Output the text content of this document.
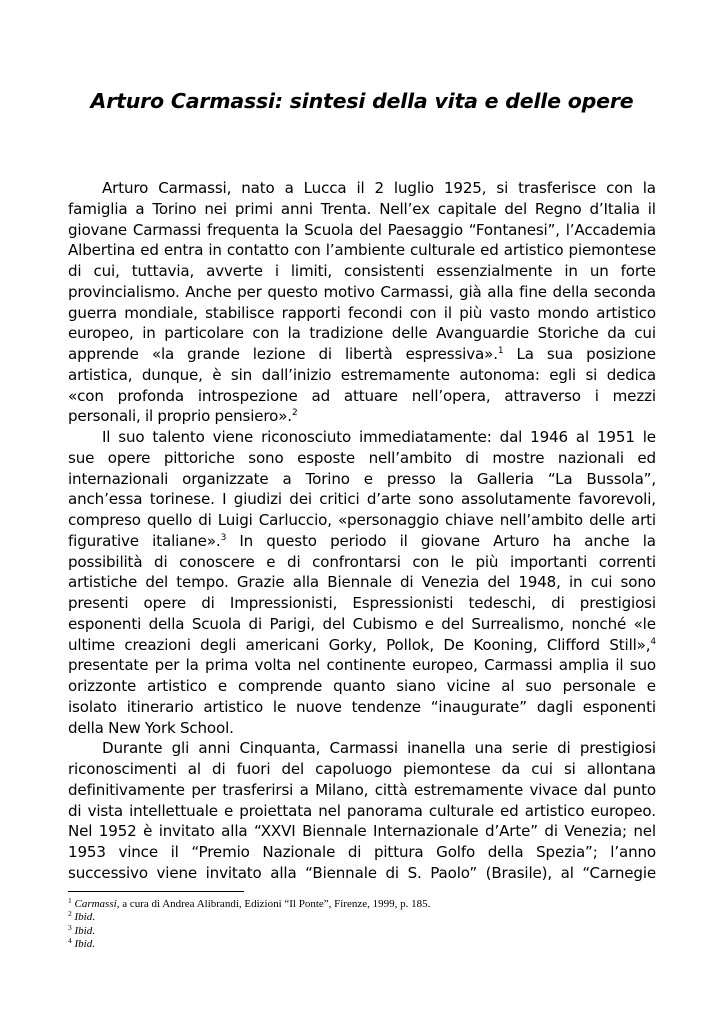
Arturo Carmassi: sintesi della vita e delle opere
Arturo Carmassi, nato a Lucca il 2 luglio 1925, si trasferisce con la
famiglia a Torino nei primi anni Trenta. Nell’ex capitale del Regno d’Italia il
giovane Carmassi frequenta la Scuola del Paesaggio “Fontanesi”, l’Accademia
Albertina ed entra in contatto con l’ambiente culturale ed artistico piemontese
di cui, tuttavia, avverte i limiti, consistenti essenzialmente in un forte
provincialismo. Anche per questo motivo Carmassi, già alla fine della seconda
guerra mondiale, stabilisce rapporti fecondi con il più vasto mondo artistico
europeo, in particolare con la tradizione delle Avanguardie Storiche da cui
apprende «la grande lezione di libertà espressiva».$^1$ La sua posizione
artistica, dunque, è sin dall’inizio estremamente autonoma: egli si dedica
«con profonda introspezione ad attuare nell’opera, attraverso i mezzi
personali, il proprio pensiero».$^2$
Il suo talento viene riconosciuto immediatamente: dal 1946 al 1951 le
sue opere pittoriche sono esposte nell’ambito di mostre nazionali ed
internazionali organizzate a Torino e presso la Galleria “La Bussola”,
anch’essa torinese. I giudizi dei critici d’arte sono assolutamente favorevoli,
compreso quello di Luigi Carluccio, «personaggio chiave nell’ambito delle arti
figurative italiane».$^3$ In questo periodo il giovane Arturo ha anche la
possibilità di conoscere e di confrontarsi con le più importanti correnti
artistiche del tempo. Grazie alla Biennale di Venezia del 1948, in cui sono
presenti opere di Impressionisti, Espressionisti tedeschi, di prestigiosi
esponenti della Scuola di Parigi, del Cubismo e del Surrealismo, nonché «le
ultime creazioni degli americani Gorky, Pollok, De Kooning, Clifford Still»,$^4$
presentate per la prima volta nel continente europeo, Carmassi amplia il suo
orizzonte artistico e comprende quanto siano vicine al suo personale e
isolato itinerario artistico le nuove tendenze “inaugurate” dagli esponenti
della New York School.
Durante gli anni Cinquanta, Carmassi inanella una serie di prestigiosi
riconoscimenti al di fuori del capoluogo piemontese da cui si allontana
definitivamente per trasferirsi a Milano, città estremamente vivace dal punto
di vista intellettuale e proiettata nel panorama culturale ed artistico europeo.
Nel 1952 è invitato alla “XXVI Biennale Internazionale d’Arte” di Venezia; nel
1953 vince il “Premio Nazionale di pittura Golfo della Spezia”; l’anno
successivo viene invitato alla “Biennale di S. Paolo” (Brasile), al “Carnegie
$^1$ Carmassi, a cura di Andrea Alibrandi, Edizioni “Il Ponte”, Firenze, 1999, p. 185.
$^2$ Ibid.
$^3$ Ibid.
$^4$ Ibid.
